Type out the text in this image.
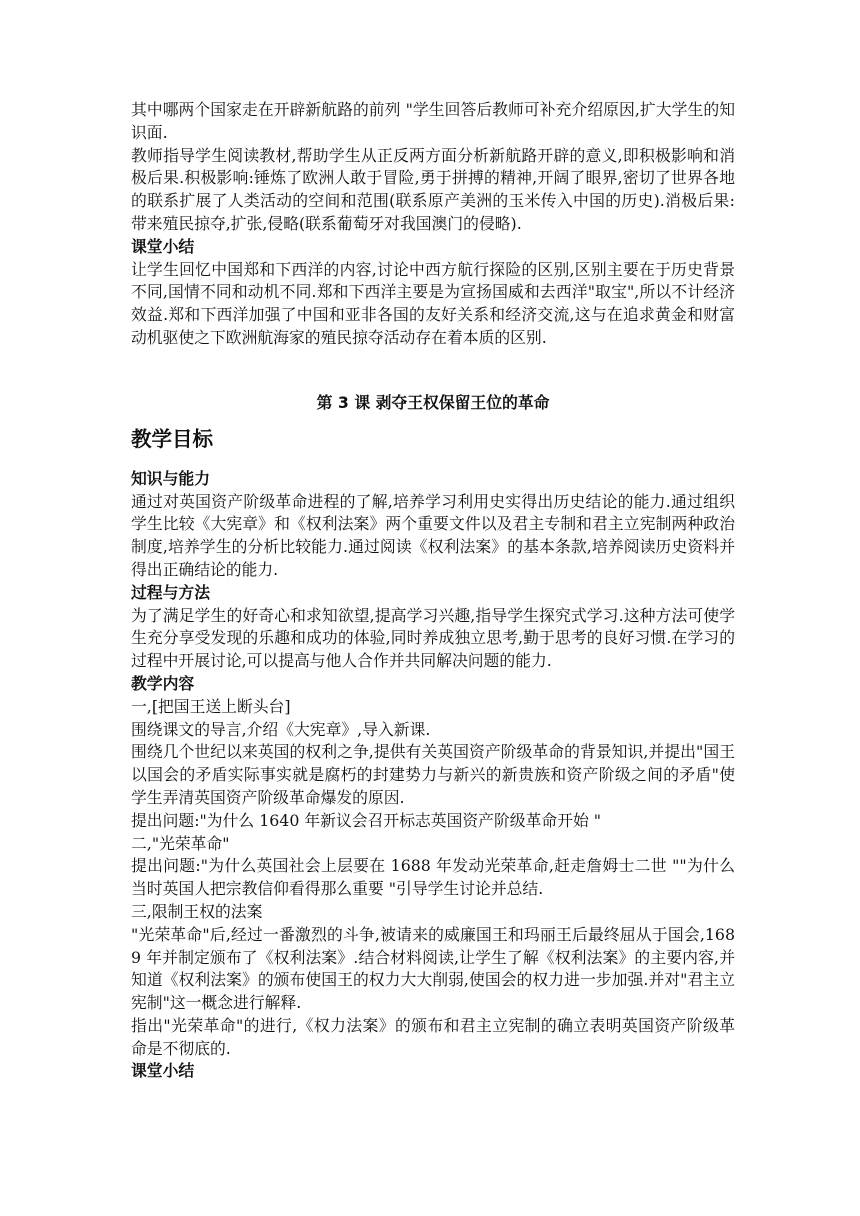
其中哪两个国家走在开辟新航路的前列 "学生回答后教师可补充介绍原因,扩大学生的知识面.

教师指导学生阅读教材,帮助学生从正反两方面分析新航路开辟的意义,即积极影响和消极后果.积极影响:锤炼了欧洲人敢于冒险,勇于拼搏的精神,开阔了眼界,密切了世界各地的联系扩展了人类活动的空间和范围(联系原产美洲的玉米传入中国的历史).消极后果:带来殖民掠夺,扩张,侵略(联系葡萄牙对我国澳门的侵略).

课堂小结

让学生回忆中国郑和下西洋的内容,讨论中西方航行探险的区别,区别主要在于历史背景不同,国情不同和动机不同.郑和下西洋主要是为宣扬国威和去西洋"取宝",所以不计经济效益.郑和下西洋加强了中国和亚非各国的友好关系和经济交流,这与在追求黄金和财富动机驱使之下欧洲航海家的殖民掠夺活动存在着本质的区别.

第 3 课 剥夺王权保留王位的革命

教学目标

知识与能力

通过对英国资产阶级革命进程的了解,培养学习利用史实得出历史结论的能力.通过组织学生比较《大宪章》和《权利法案》两个重要文件以及君主专制和君主立宪制两种政治制度,培养学生的分析比较能力.通过阅读《权利法案》的基本条款,培养阅读历史资料并得出正确结论的能力.

过程与方法

为了满足学生的好奇心和求知欲望,提高学习兴趣,指导学生探究式学习.这种方法可使学生充分享受发现的乐趣和成功的体验,同时养成独立思考,勤于思考的良好习惯.在学习的过程中开展讨论,可以提高与他人合作并共同解决问题的能力.

教学内容

一,[把国王送上断头台]

围绕课文的导言,介绍《大宪章》,导入新课.

围绕几个世纪以来英国的权利之争,提供有关英国资产阶级革命的背景知识,并提出"国王以国会的矛盾实际事实就是腐朽的封建势力与新兴的新贵族和资产阶级之间的矛盾"使学生弄清英国资产阶级革命爆发的原因.

提出问题:"为什么 1640 年新议会召开标志英国资产阶级革命开始 "

二,"光荣革命"

提出问题:"为什么英国社会上层要在 1688 年发动光荣革命,赶走詹姆士二世 ""为什么当时英国人把宗教信仰看得那么重要 "引导学生讨论并总结.

三,限制王权的法案

"光荣革命"后,经过一番激烈的斗争,被请来的威廉国王和玛丽王后最终屈从于国会,1689 年并制定颁布了《权利法案》.结合材料阅读,让学生了解《权利法案》的主要内容,并知道《权利法案》的颁布使国王的权力大大削弱,使国会的权力进一步加强.并对"君主立宪制"这一概念进行解释.

指出"光荣革命"的进行,《权力法案》的颁布和君主立宪制的确立表明英国资产阶级革命是不彻底的.

课堂小结
